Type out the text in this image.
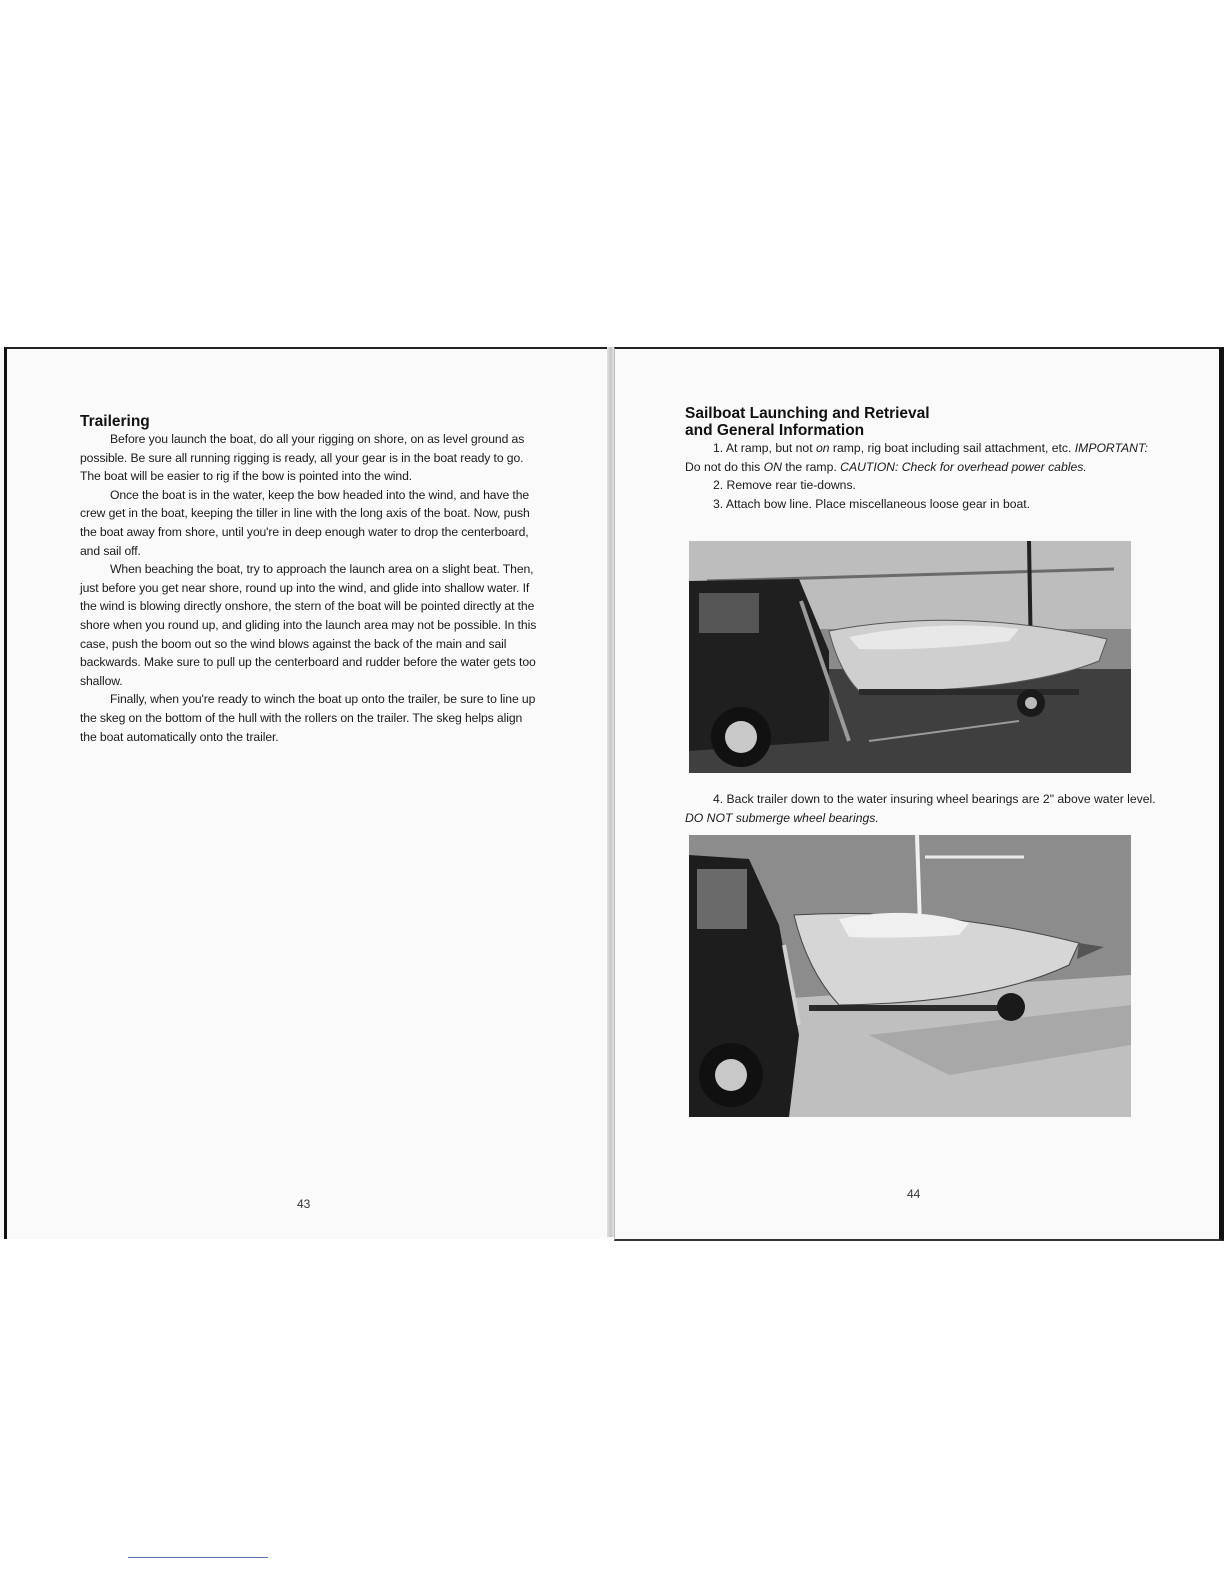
Trailering

Before you launch the boat, do all your rigging on shore, on as level ground as possible. Be sure all running rigging is ready, all your gear is in the boat ready to go. The boat will be easier to rig if the bow is pointed into the wind.

Once the boat is in the water, keep the bow headed into the wind, and have the crew get in the boat, keeping the tiller in line with the long axis of the boat. Now, push the boat away from shore, until you're in deep enough water to drop the centerboard, and sail off.

When beaching the boat, try to approach the launch area on a slight beat. Then, just before you get near shore, round up into the wind, and glide into shallow water. If the wind is blowing directly onshore, the stern of the boat will be pointed directly at the shore when you round up, and gliding into the launch area may not be possible. In this case, push the boom out so the wind blows against the back of the main and sail backwards. Make sure to pull up the centerboard and rudder before the water gets too shallow.

Finally, when you're ready to winch the boat up onto the trailer, be sure to line up the skeg on the bottom of the hull with the rollers on the trailer. The skeg helps align the boat automatically onto the trailer.

43
Sailboat Launching and Retrieval
and General Information

1. At ramp, but not on ramp, rig boat including sail attachment, etc. IMPORTANT: Do not do this ON the ramp. CAUTION: Check for overhead power cables.

2. Remove rear tie-downs.

3. Attach bow line. Place miscellaneous loose gear in boat.

4. Back trailer down to the water insuring wheel bearings are 2" above water level. DO NOT submerge wheel bearings.

44
